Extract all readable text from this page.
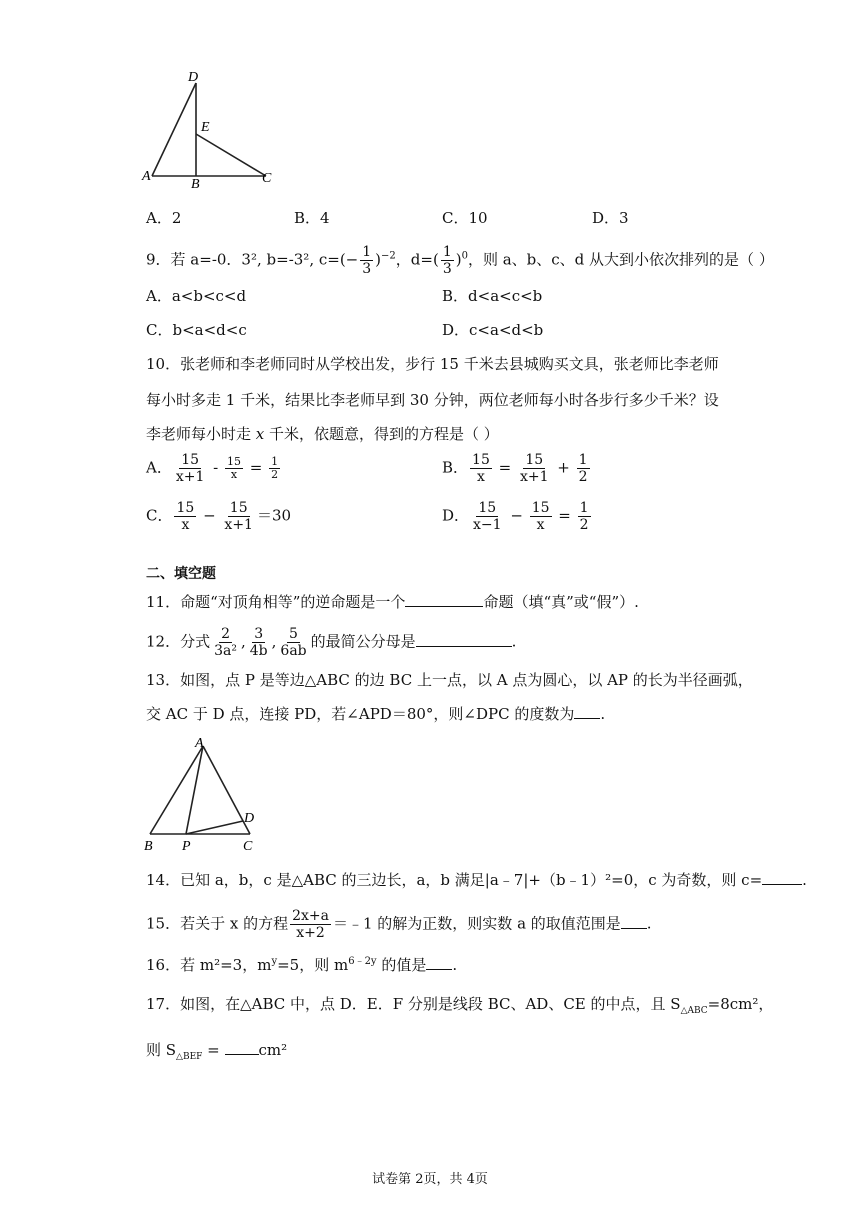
D
E
A
B	C
A．2	B．4	C．10	D．3
9．若 a=-0．3², b=-3², $c=(- \frac{1}{3} )^{-2}$，$d=( \frac{1}{3} )^0$，则 a、b、c、d 从大到小依次排列的是（ ）
A．a<b<c<d	B．d<a<c<b
C．b<a<d<c	D．c<a<d<b
10．张老师和李老师同时从学校出发，步行 15 千米去县城购买文具，张老师比李老师
每小时多走 1 千米，结果比李老师早到 30 分钟，两位老师每小时各步行多少千米？设
李老师每小时走 x 千米，依题意，得到的方程是（ ）
A． $\frac{15}{x+1} - \frac{15}{x} = \frac{1}{2}$	B． $\frac{15}{x} = \frac{15}{x+1} + \frac{1}{2}$
C． $\frac{15}{x} - \frac{15}{x+1} =30$	D． $\frac{15}{x-1} - \frac{15}{x} = \frac{1}{2}$
二、填空题
11．命题“对顶角相等”的逆命题是一个	命题（填“真”或“假”）.
12．分式 $\frac{2}{\text{3a²}}$ , $\frac{3}{4b}$ , $\frac{5}{6ab}$ 的最简公分母是	.
13．如图，点 P 是等边△ABC 的边 BC 上一点，以 A 点为圆心，以 AP 的长为半径画弧，
交 AC 于 D 点，连接 PD，若∠APD＝80°，则∠DPC 的度数为 .
A
B P	C
D
14．已知 a，b，c 是△ABC 的三边长，a，b 满足|a﹣7|+（b﹣1）²=0，c 为奇数，则 c=	.
15．若关于 x 的方程 $\frac{2x+a}{x+2}$ ＝﹣1 的解为正数，则实数 a 的取值范围是 .
16．若 m²=3，$m^y=5$，则 $m^{6﹣2y}$ 的值是 .
17．如图，在△ABC 中，点 D．E．F 分别是线段 BC、AD、CE 的中点，且 $S_{\triangle ABC}=8cm^2$，
则 $S_{\triangle BEF} = cm^2$
试卷第 2页，共 4页
